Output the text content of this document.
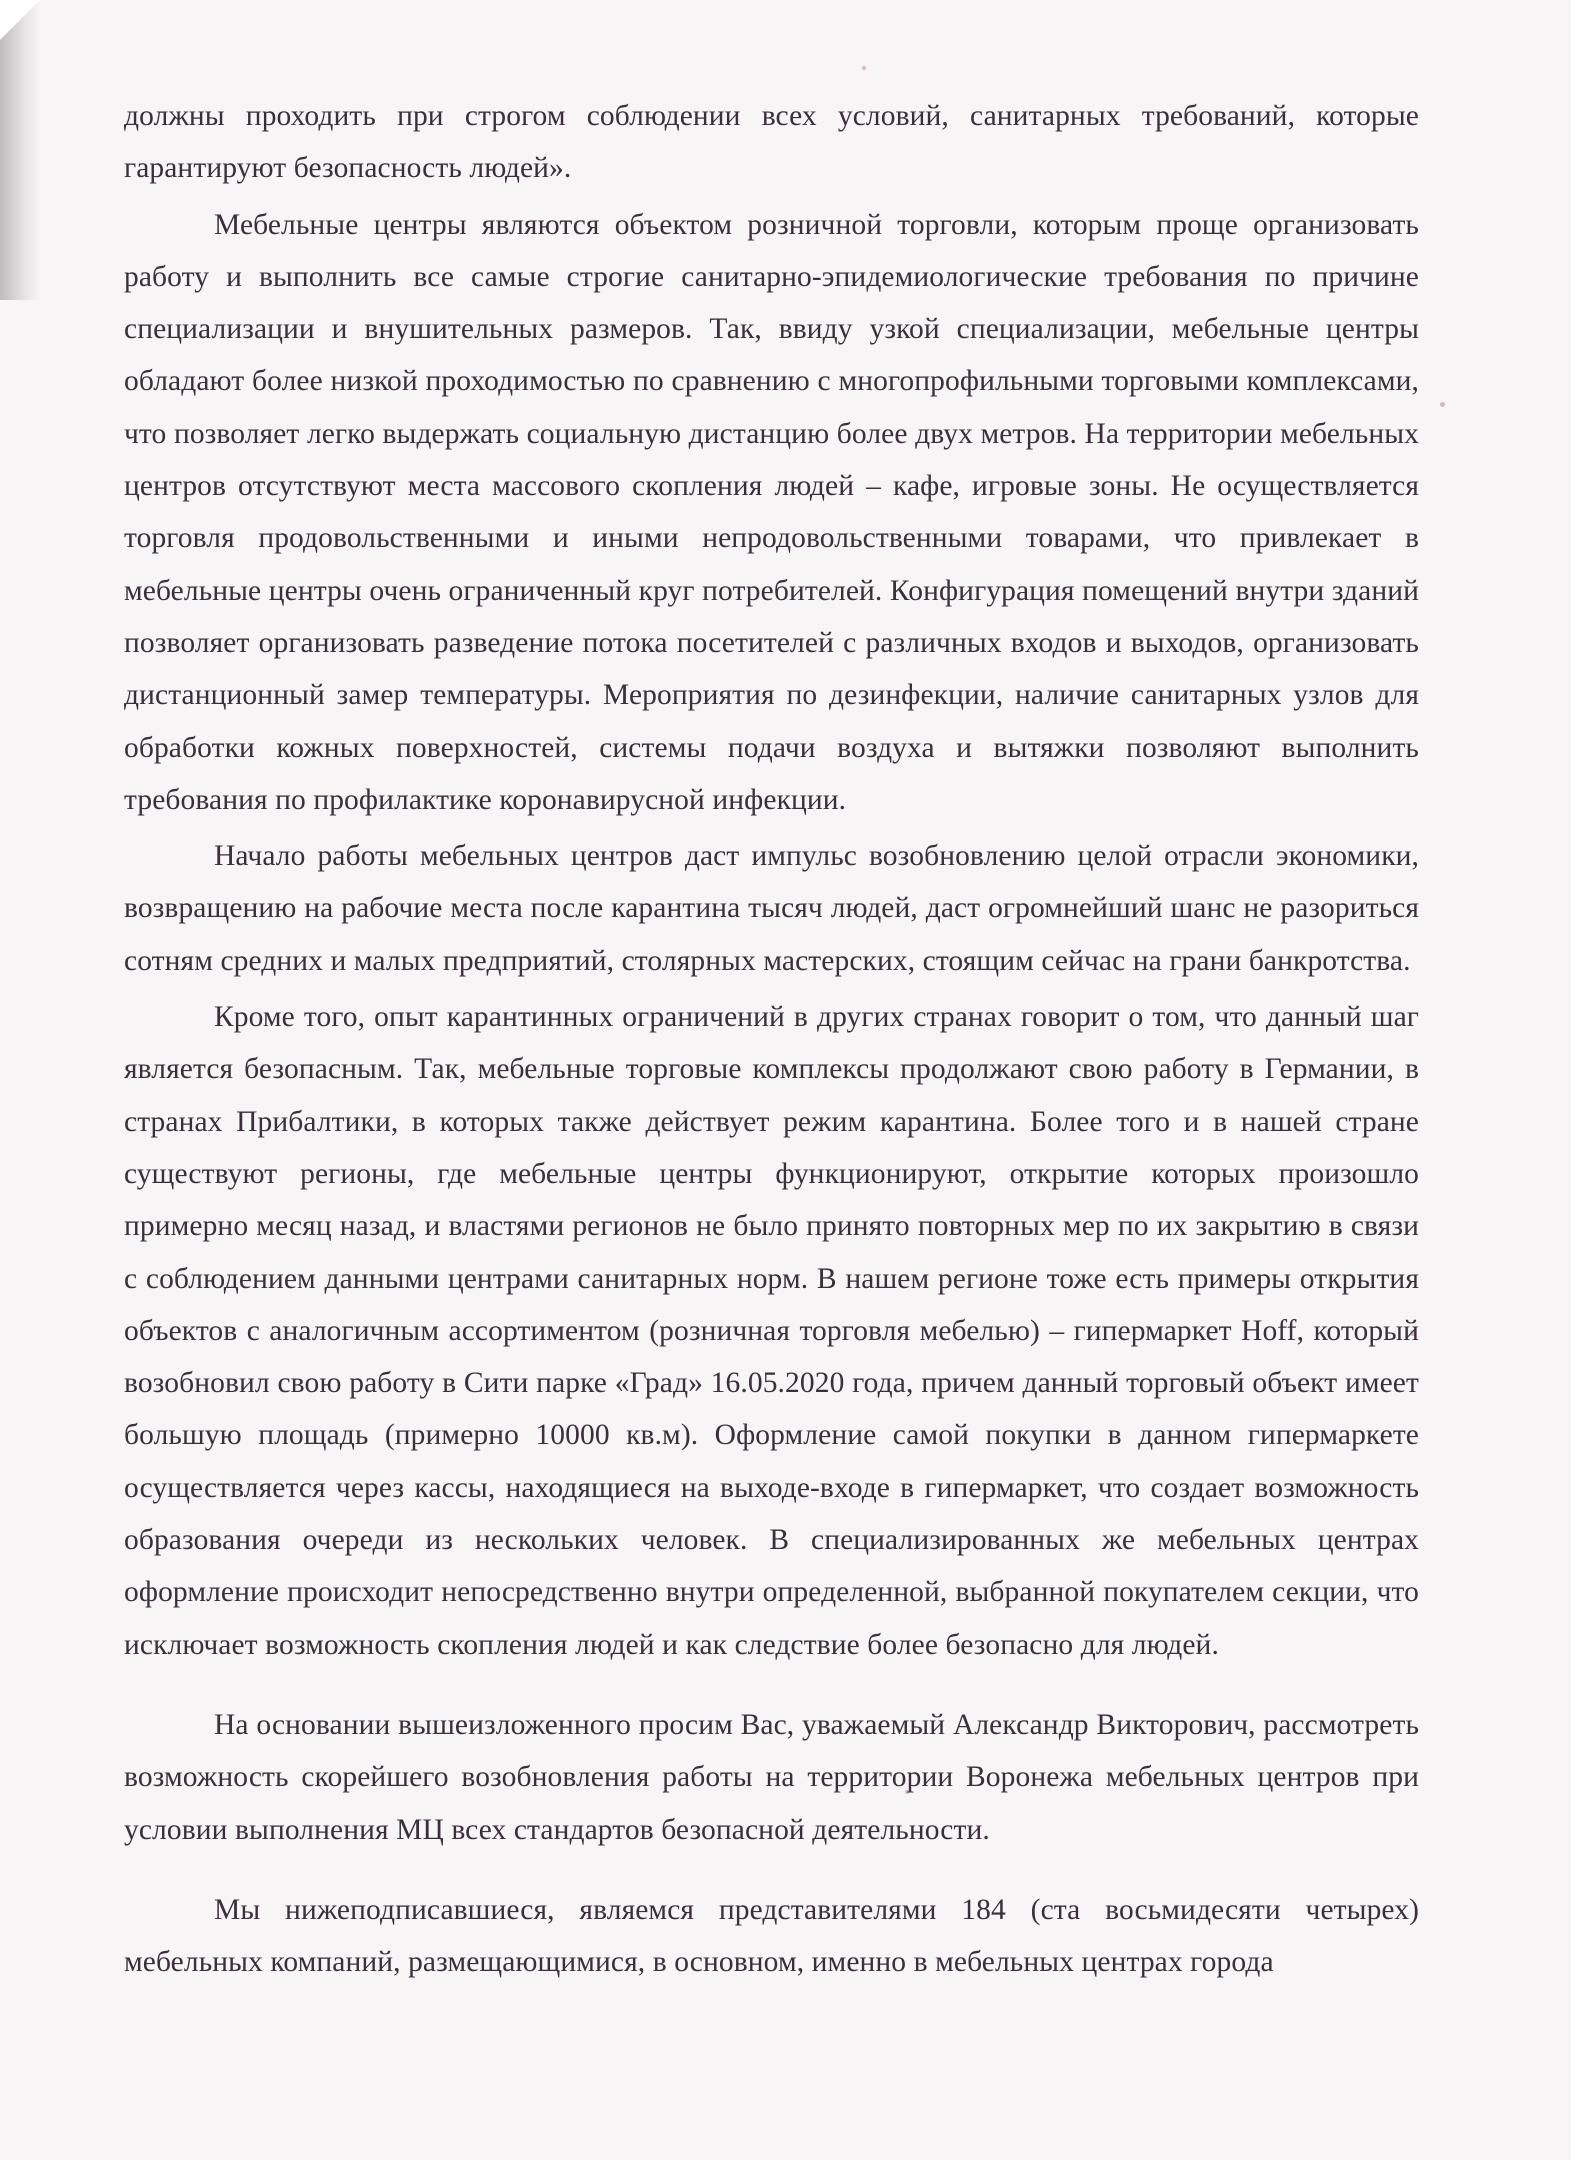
должны проходить при строгом соблюдении всех условий, санитарных требований, которые гарантируют безопасность людей».

Мебельные центры являются объектом розничной торговли, которым проще организовать работу и выполнить все самые строгие санитарно-эпидемиологические требования по причине специализации и внушительных размеров. Так, ввиду узкой специализации, мебельные центры обладают более низкой проходимостью по сравнению с многопрофильными торговыми комплексами, что позволяет легко выдержать социальную дистанцию более двух метров. На территории мебельных центров отсутствуют места массового скопления людей – кафе, игровые зоны. Не осуществляется торговля продовольственными и иными непродовольственными товарами, что привлекает в мебельные центры очень ограниченный круг потребителей. Конфигурация помещений внутри зданий позволяет организовать разведение потока посетителей с различных входов и выходов, организовать дистанционный замер температуры. Мероприятия по дезинфекции, наличие санитарных узлов для обработки кожных поверхностей, системы подачи воздуха и вытяжки позволяют выполнить требования по профилактике коронавирусной инфекции.

Начало работы мебельных центров даст импульс возобновлению целой отрасли экономики, возвращению на рабочие места после карантина тысяч людей, даст огромнейший шанс не разориться сотням средних и малых предприятий, столярных мастерских, стоящим сейчас на грани банкротства.

Кроме того, опыт карантинных ограничений в других странах говорит о том, что данный шаг является безопасным. Так, мебельные торговые комплексы продолжают свою работу в Германии, в странах Прибалтики, в которых также действует режим карантина. Более того и в нашей стране существуют регионы, где мебельные центры функционируют, открытие которых произошло примерно месяц назад, и властями регионов не было принято повторных мер по их закрытию в связи с соблюдением данными центрами санитарных норм. В нашем регионе тоже есть примеры открытия объектов с аналогичным ассортиментом (розничная торговля мебелью) – гипермаркет Hoff, который возобновил свою работу в Сити парке «Град» 16.05.2020 года, причем данный торговый объект имеет большую площадь (примерно 10000 кв.м). Оформление самой покупки в данном гипермаркете осуществляется через кассы, находящиеся на выходе-входе в гипермаркет, что создает возможность образования очереди из нескольких человек. В специализированных же мебельных центрах оформление происходит непосредственно внутри определенной, выбранной покупателем секции, что исключает возможность скопления людей и как следствие более безопасно для людей.

На основании вышеизложенного просим Вас, уважаемый Александр Викторович, рассмотреть возможность скорейшего возобновления работы на территории Воронежа мебельных центров при условии выполнения МЦ всех стандартов безопасной деятельности.

Мы нижеподписавшиеся, являемся представителями 184 (ста восьмидесяти четырех) мебельных компаний, размещающимися, в основном, именно в мебельных центрах города
